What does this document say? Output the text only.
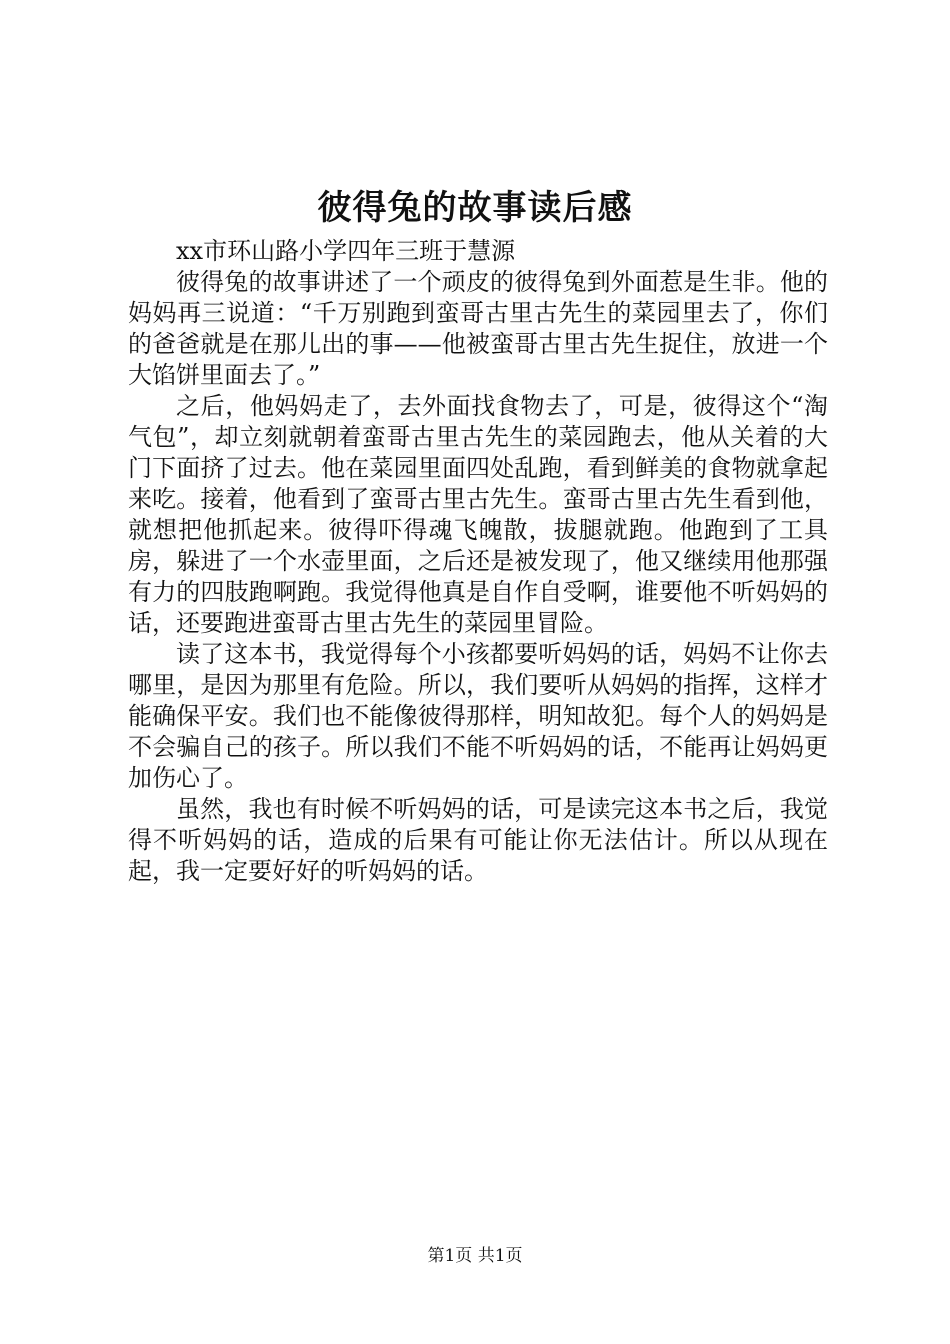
彼得兔的故事读后感

xx市环山路小学四年三班于慧源

彼得兔的故事讲述了一个顽皮的彼得兔到外面惹是生非。他的妈妈再三说道：“千万别跑到蛮哥古里古先生的菜园里去了，你们的爸爸就是在那儿出的事——他被蛮哥古里古先生捉住，放进一个大馅饼里面去了。”

之后，他妈妈走了，去外面找食物去了，可是，彼得这个“淘气包”，却立刻就朝着蛮哥古里古先生的菜园跑去，他从关着的大门下面挤了过去。他在菜园里面四处乱跑，看到鲜美的食物就拿起来吃。接着，他看到了蛮哥古里古先生。蛮哥古里古先生看到他，就想把他抓起来。彼得吓得魂飞魄散，拔腿就跑。他跑到了工具房，躲进了一个水壶里面，之后还是被发现了，他又继续用他那强有力的四肢跑啊跑。我觉得他真是自作自受啊，谁要他不听妈妈的话，还要跑进蛮哥古里古先生的菜园里冒险。

读了这本书，我觉得每个小孩都要听妈妈的话，妈妈不让你去哪里，是因为那里有危险。所以，我们要听从妈妈的指挥，这样才能确保平安。我们也不能像彼得那样，明知故犯。每个人的妈妈是不会骗自己的孩子。所以我们不能不听妈妈的话，不能再让妈妈更加伤心了。

虽然，我也有时候不听妈妈的话，可是读完这本书之后，我觉得不听妈妈的话，造成的后果有可能让你无法估计。所以从现在起，我一定要好好的听妈妈的话。

第1页 共1页
